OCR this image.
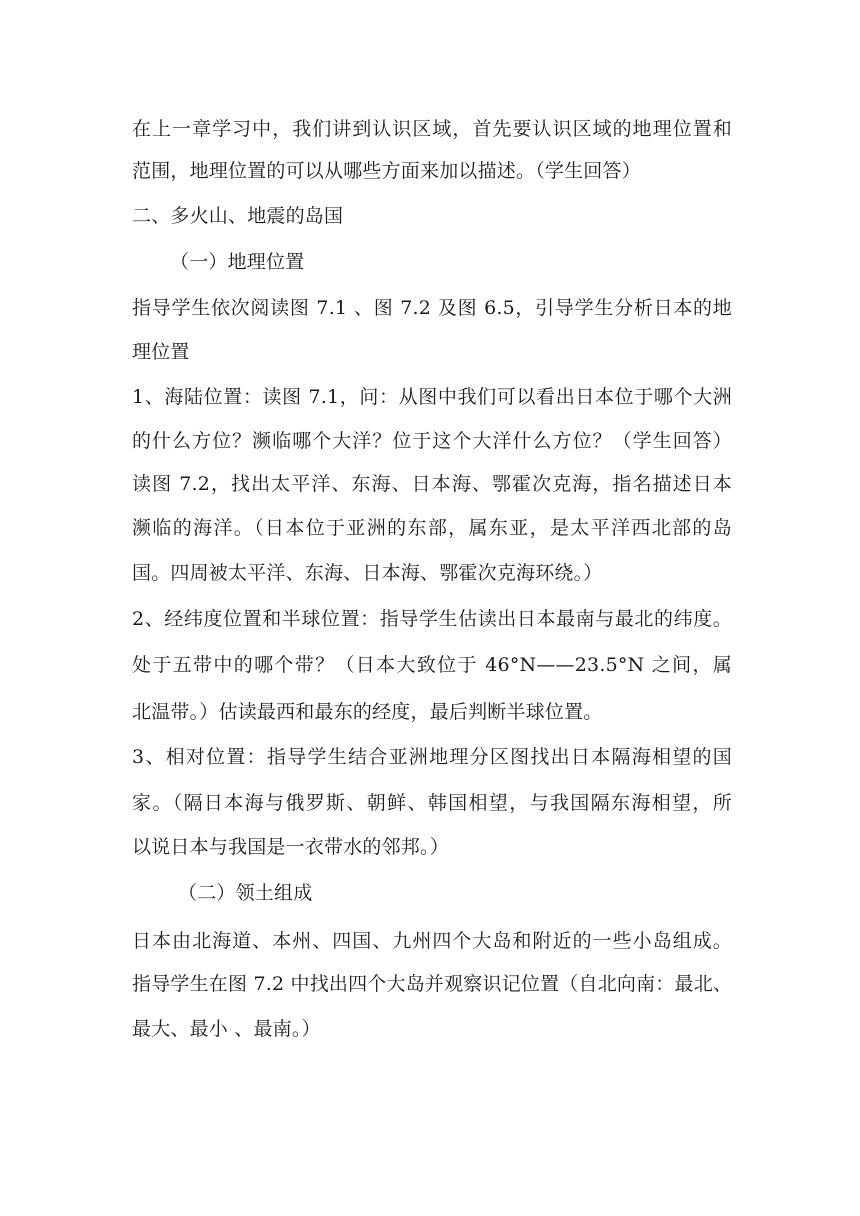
在上一章学习中，我们讲到认识区域，首先要认识区域的地理位置和
范围，地理位置的可以从哪些方面来加以描述。（学生回答）
二、多火山、地震的岛国
（一）地理位置
指导学生依次阅读图 7.1 、图 7.2 及图 6.5，引导学生分析日本的地
理位置
1、海陆位置：读图 7.1，问：从图中我们可以看出日本位于哪个大洲
的什么方位？濒临哪个大洋？位于这个大洋什么方位？（学生回答）
读图 7.2，找出太平洋、东海、日本海、鄂霍次克海，指名描述日本
濒临的海洋。（日本位于亚洲的东部，属东亚，是太平洋西北部的岛
国。四周被太平洋、东海、日本海、鄂霍次克海环绕。）
2、经纬度位置和半球位置：指导学生估读出日本最南与最北的纬度。
处于五带中的哪个带？（日本大致位于 46°N——23.5°N 之间，属
北温带。）估读最西和最东的经度，最后判断半球位置。
3、相对位置：指导学生结合亚洲地理分区图找出日本隔海相望的国
家。（隔日本海与俄罗斯、朝鲜、韩国相望，与我国隔东海相望，所
以说日本与我国是一衣带水的邻邦。）
（二）领土组成
日本由北海道、本州、四国、九州四个大岛和附近的一些小岛组成。
指导学生在图 7.2 中找出四个大岛并观察识记位置（自北向南：最北、
最大、最小 、最南。）
